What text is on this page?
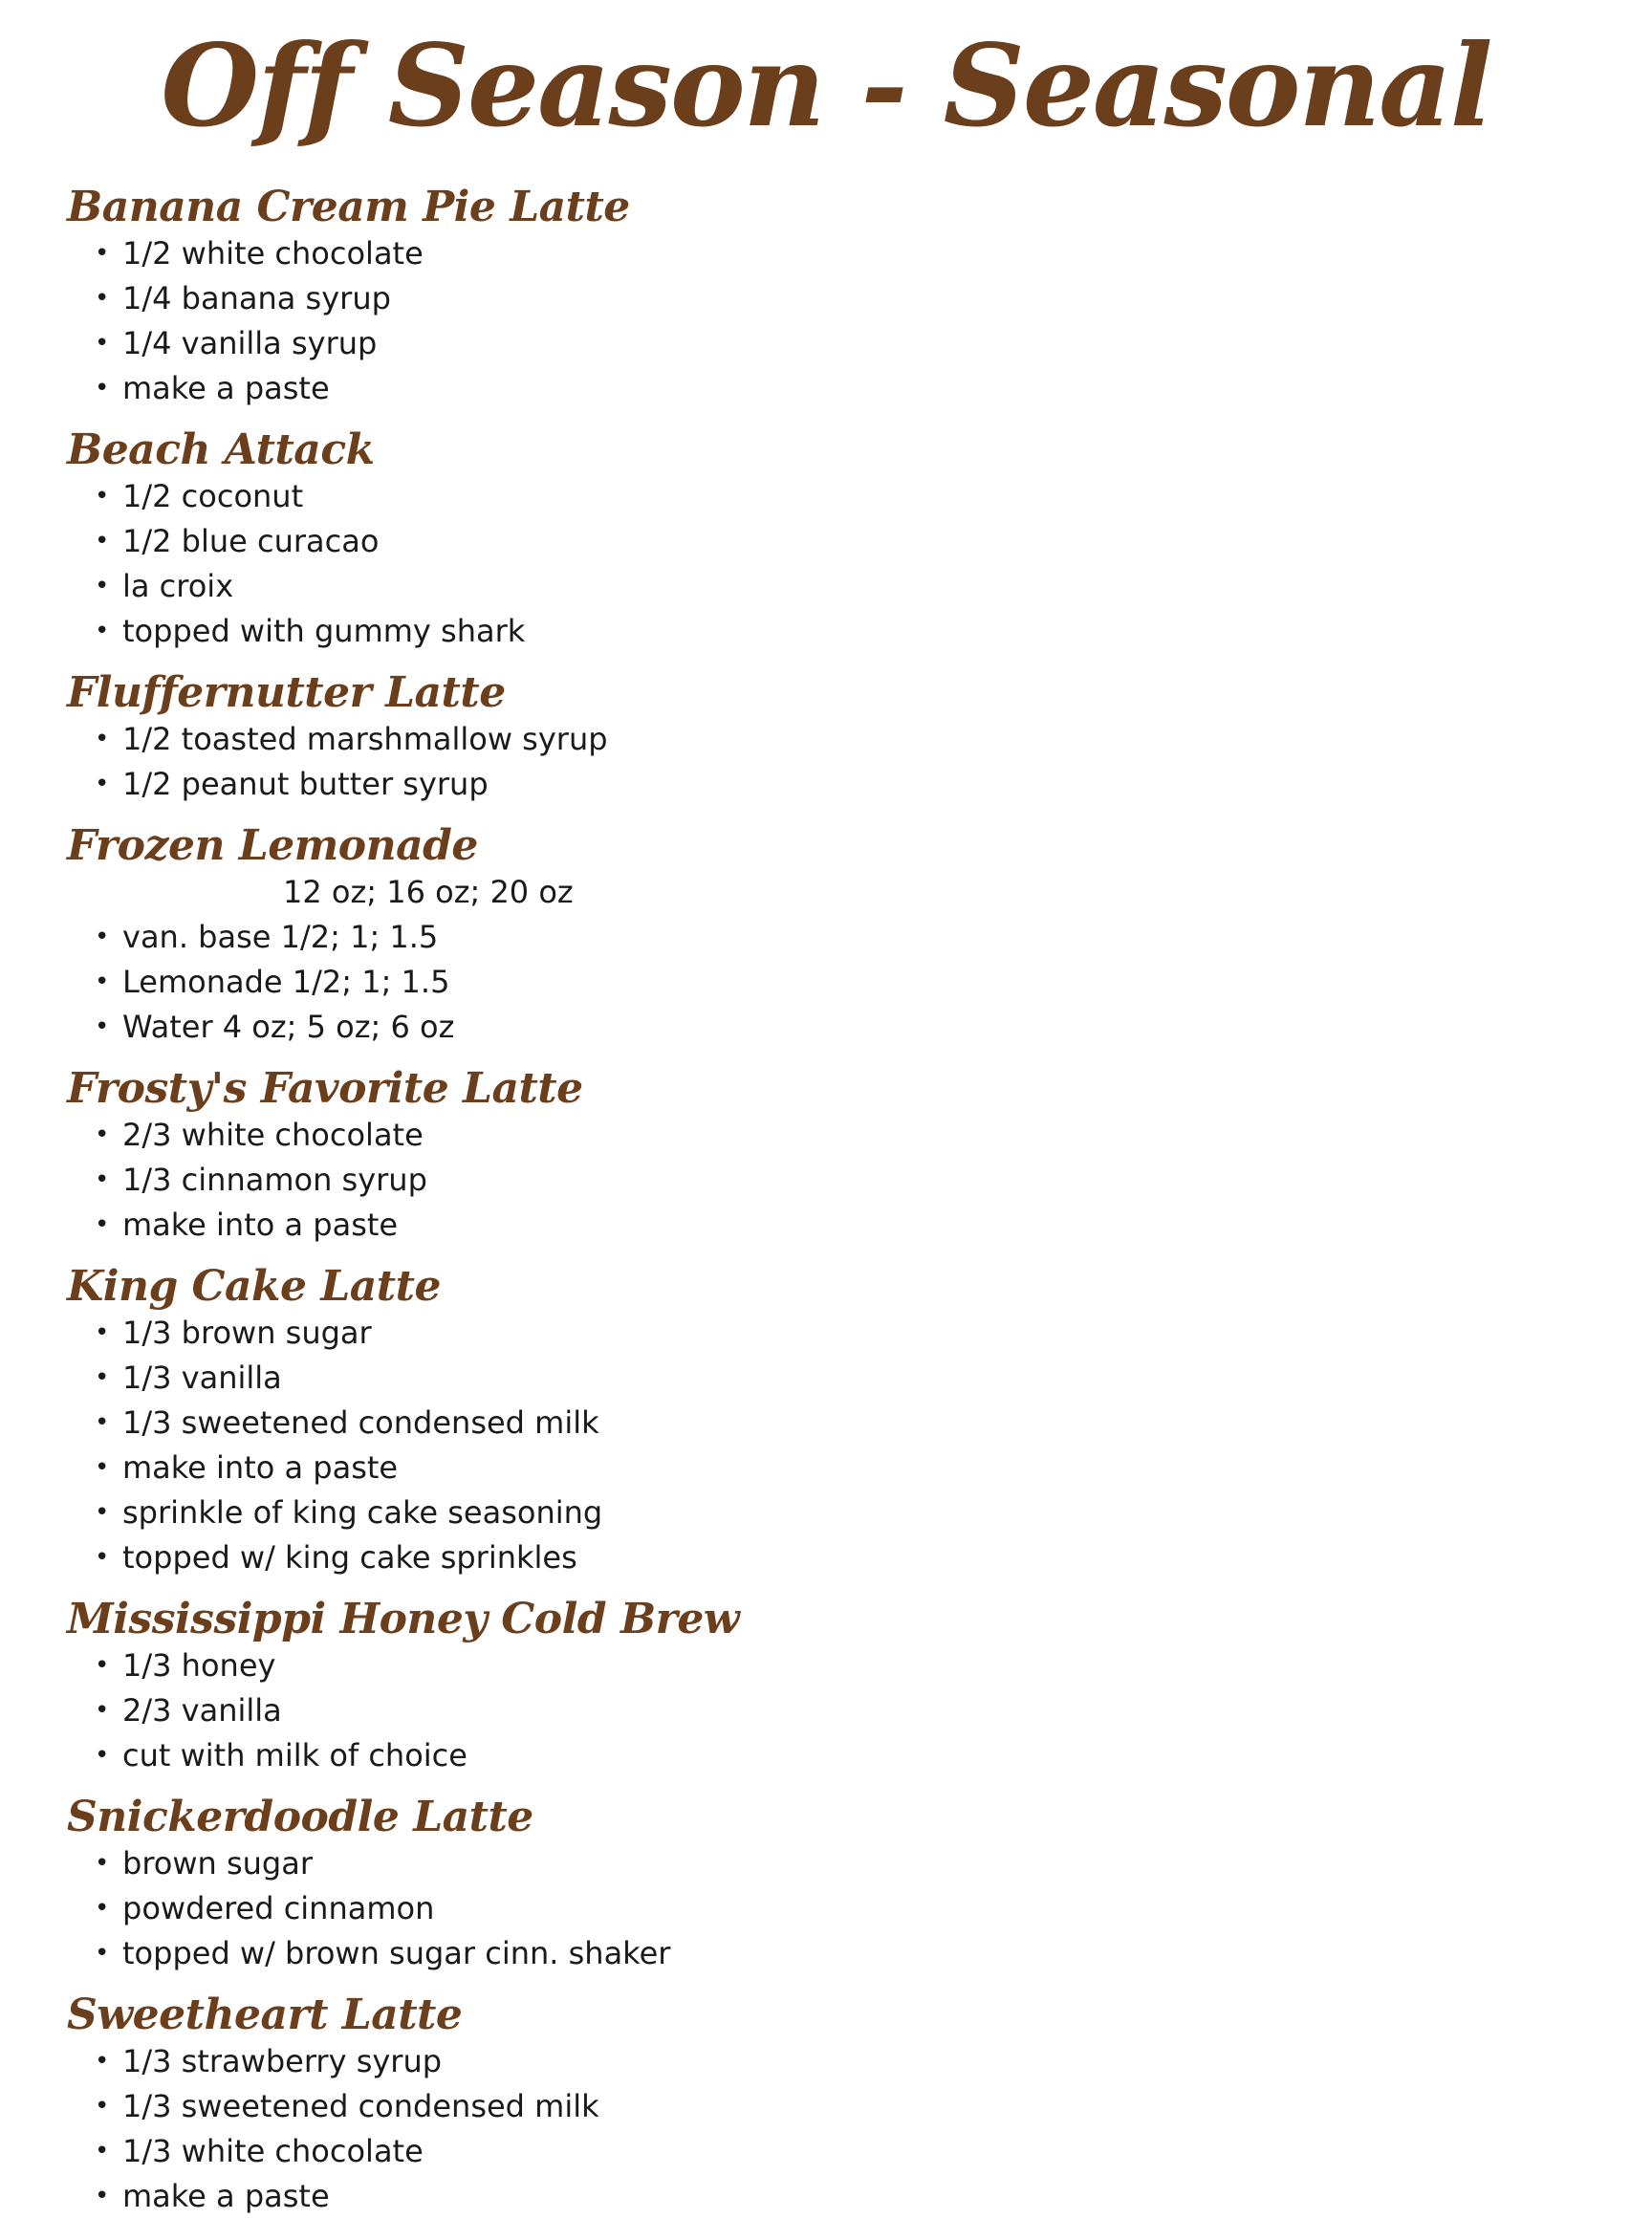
Off Season - Seasonal
Banana Cream Pie Latte
• 1/2 white chocolate
• 1/4 banana syrup
• 1/4 vanilla syrup
• make a paste
Beach Attack
• 1/2 coconut
• 1/2 blue curacao
• la croix
• topped with gummy shark
Fluffernutter Latte
• 1/2 toasted marshmallow syrup
• 1/2 peanut butter syrup
Frozen Lemonade
12 oz; 16 oz; 20 oz
• van. base 1/2; 1; 1.5
• Lemonade 1/2; 1; 1.5
• Water 4 oz; 5 oz; 6 oz
Frosty's Favorite Latte
• 2/3 white chocolate
• 1/3 cinnamon syrup
• make into a paste
King Cake Latte
• 1/3 brown sugar
• 1/3 vanilla
• 1/3 sweetened condensed milk
• make into a paste
• sprinkle of king cake seasoning
• topped w/ king cake sprinkles
Mississippi Honey Cold Brew
• 1/3 honey
• 2/3 vanilla
• cut with milk of choice
Snickerdoodle Latte
• brown sugar
• powdered cinnamon
• topped w/ brown sugar cinn. shaker
Sweetheart Latte
• 1/3 strawberry syrup
• 1/3 sweetened condensed milk
• 1/3 white chocolate
• make a paste
